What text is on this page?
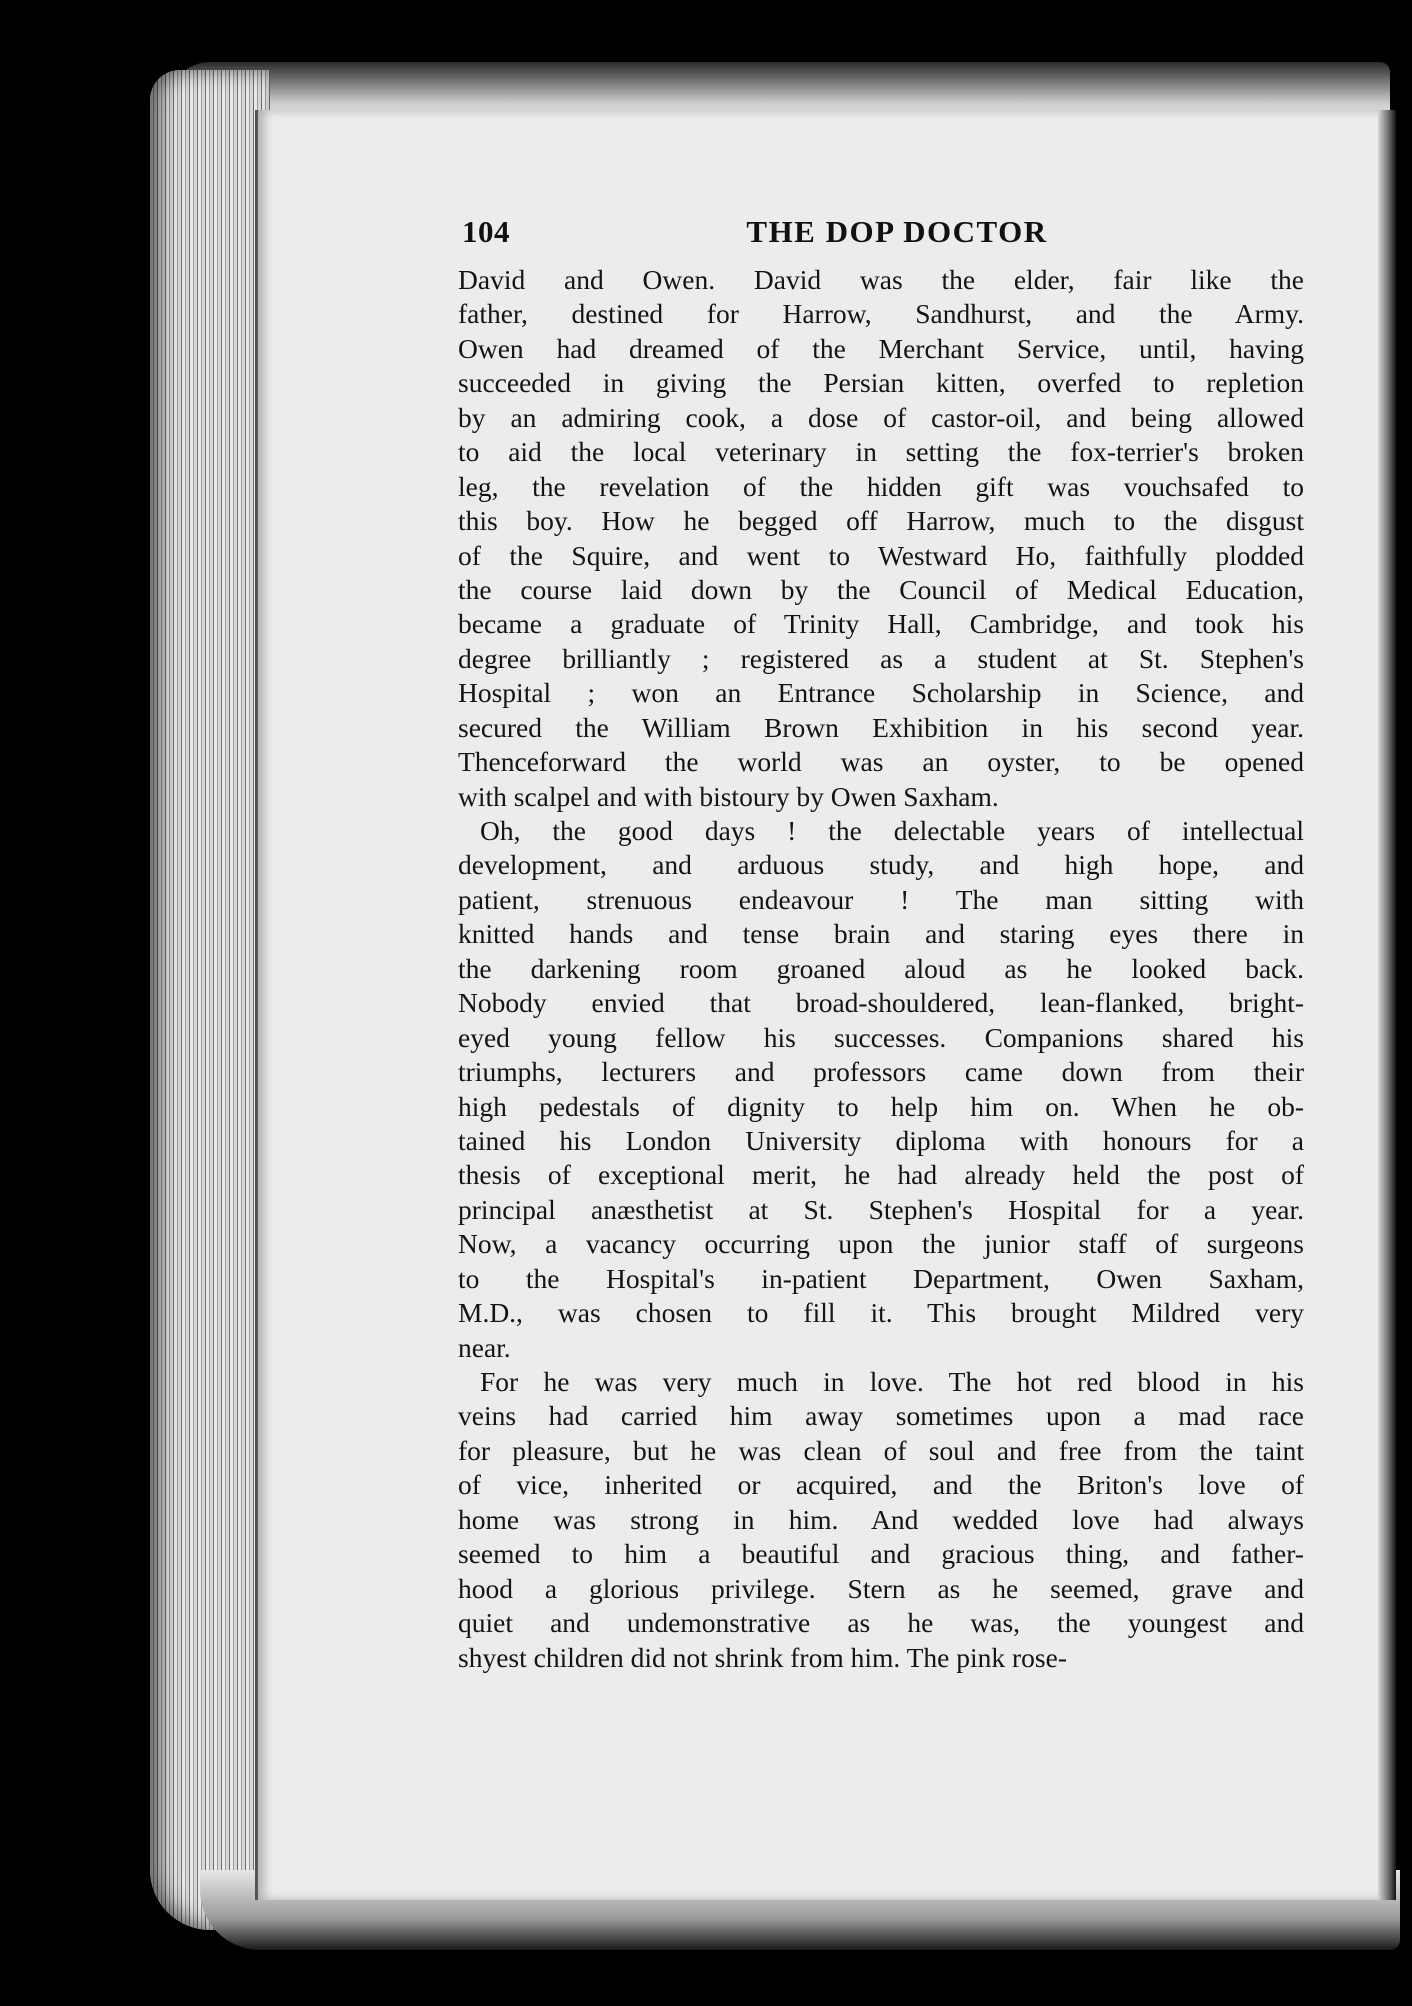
104	THE DOP DOCTOR
David and Owen. David was the elder, fair like the
father, destined for Harrow, Sandhurst, and the Army.
Owen had dreamed of the Merchant Service, until, having
succeeded in giving the Persian kitten, overfed to repletion
by an admiring cook, a dose of castor-oil, and being allowed
to aid the local veterinary in setting the fox-terrier's broken
leg, the revelation of the hidden gift was vouchsafed to
this boy. How he begged off Harrow, much to the disgust
of the Squire, and went to Westward Ho, faithfully plodded
the course laid down by the Council of Medical Education,
became a graduate of Trinity Hall, Cambridge, and took his
degree brilliantly ; registered as a student at St. Stephen's
Hospital ; won an Entrance Scholarship in Science, and
secured the William Brown Exhibition in his second year.
Thenceforward the world was an oyster, to be opened
with scalpel and with bistoury by Owen Saxham.
Oh, the good days ! the delectable years of intellectual
development, and arduous study, and high hope, and
patient, strenuous endeavour ! The man sitting with
knitted hands and tense brain and staring eyes there in
the darkening room groaned aloud as he looked back.
Nobody envied that broad-shouldered, lean-flanked, bright-
eyed young fellow his successes. Companions shared his
triumphs, lecturers and professors came down from their
high pedestals of dignity to help him on. When he ob-
tained his London University diploma with honours for a
thesis of exceptional merit, he had already held the post of
principal anæsthetist at St. Stephen's Hospital for a year.
Now, a vacancy occurring upon the junior staff of surgeons
to the Hospital's in-patient Department, Owen Saxham,
M.D., was chosen to fill it. This brought Mildred very
near.
For he was very much in love. The hot red blood in his
veins had carried him away sometimes upon a mad race
for pleasure, but he was clean of soul and free from the taint
of vice, inherited or acquired, and the Briton's love of
home was strong in him. And wedded love had always
seemed to him a beautiful and gracious thing, and father-
hood a glorious privilege. Stern as he seemed, grave and
quiet and undemonstrative as he was, the youngest and
shyest children did not shrink from him. The pink rose-
